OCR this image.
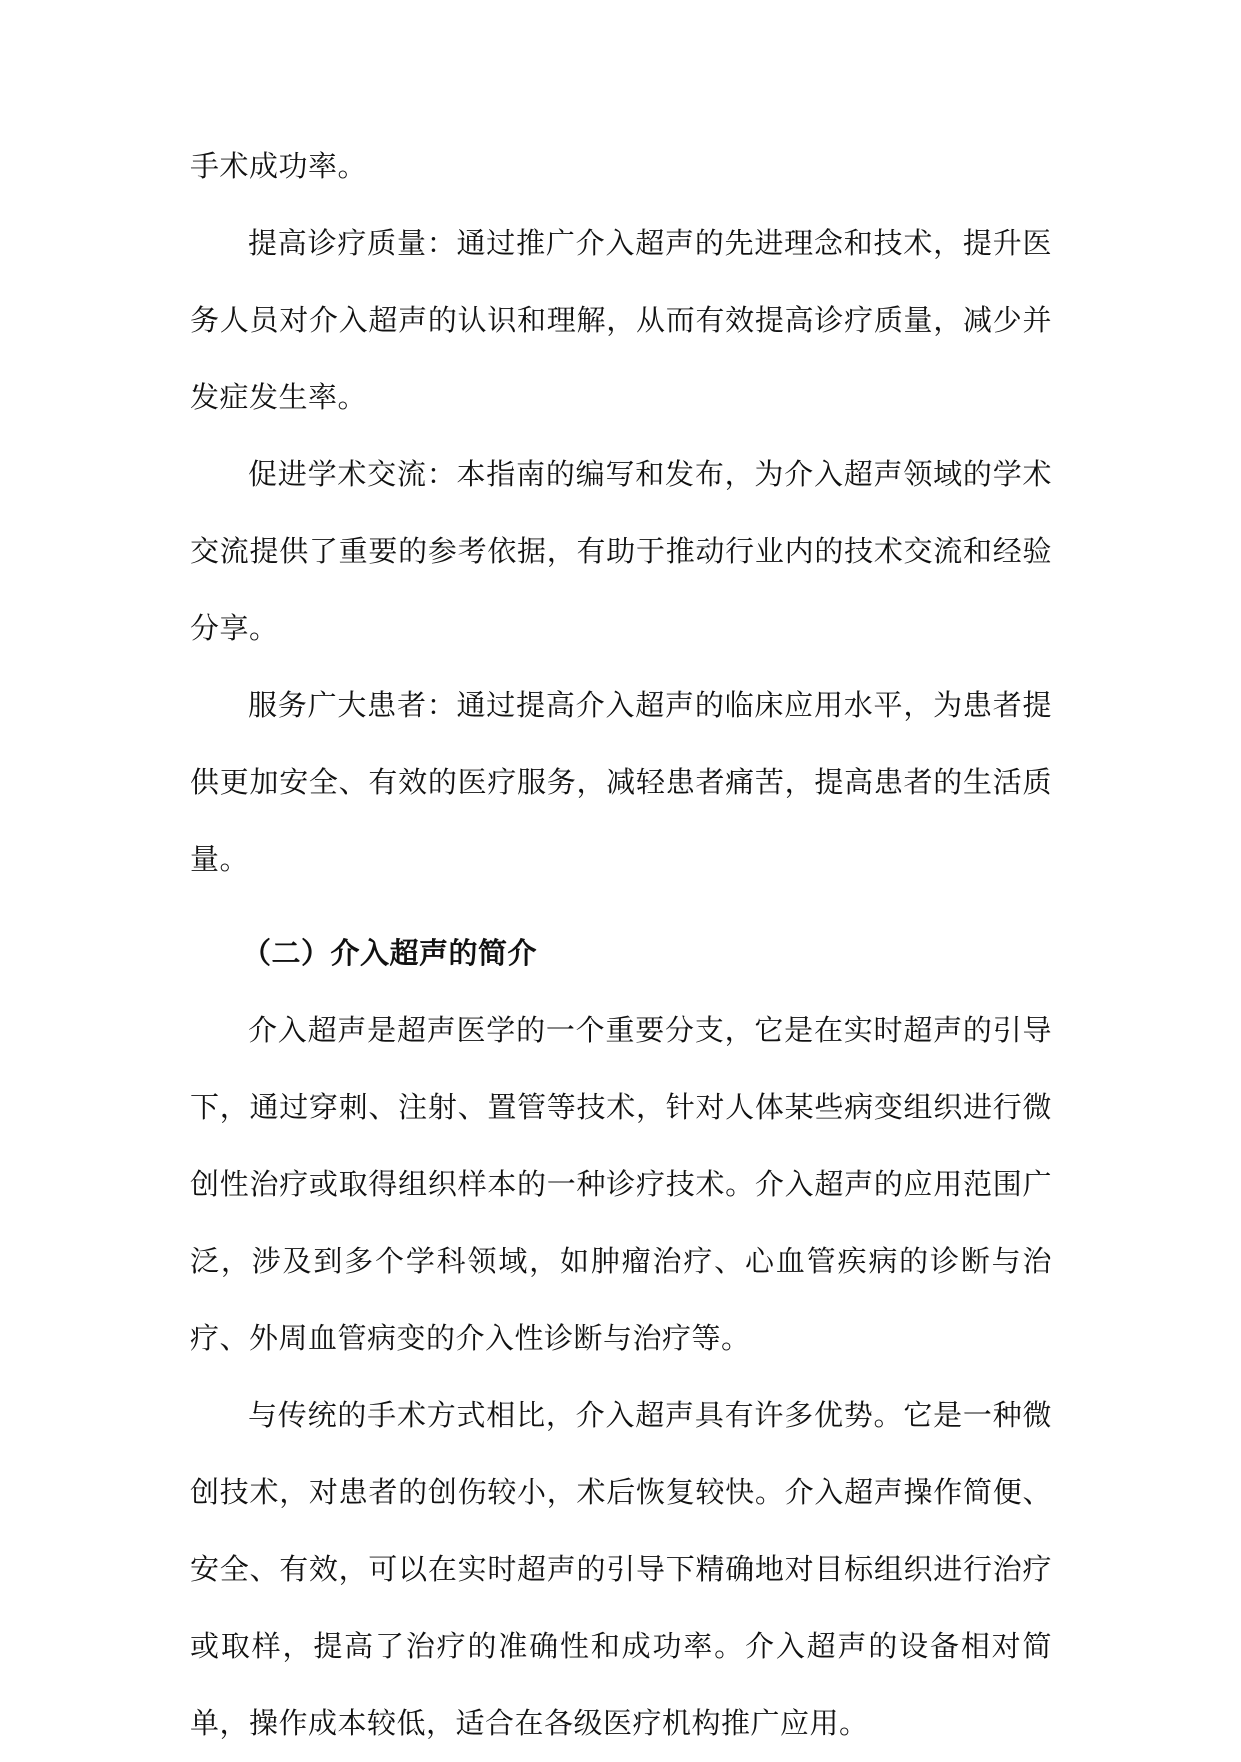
手术成功率。

提高诊疗质量：通过推广介入超声的先进理念和技术，提升医务人员对介入超声的认识和理解，从而有效提高诊疗质量，减少并发症发生率。

促进学术交流：本指南的编写和发布，为介入超声领域的学术交流提供了重要的参考依据，有助于推动行业内的技术交流和经验分享。

服务广大患者：通过提高介入超声的临床应用水平，为患者提供更加安全、有效的医疗服务，减轻患者痛苦，提高患者的生活质量。

（二）介入超声的简介

介入超声是超声医学的一个重要分支，它是在实时超声的引导下，通过穿刺、注射、置管等技术，针对人体某些病变组织进行微创性治疗或取得组织样本的一种诊疗技术。介入超声的应用范围广泛，涉及到多个学科领域，如肿瘤治疗、心血管疾病的诊断与治疗、外周血管病变的介入性诊断与治疗等。

与传统的手术方式相比，介入超声具有许多优势。它是一种微创技术，对患者的创伤较小，术后恢复较快。介入超声操作简便、安全、有效，可以在实时超声的引导下精确地对目标组织进行治疗或取样，提高了治疗的准确性和成功率。介入超声的设备相对简单，操作成本较低，适合在各级医疗机构推广应用。
